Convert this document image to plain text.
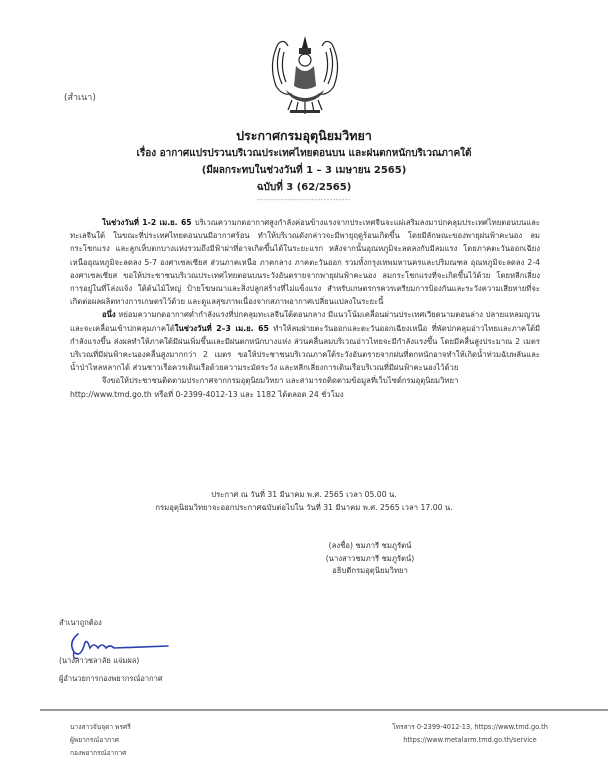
(สำเนา)
ประกาศกรมอุตุนิยมวิทยา
เรื่อง อากาศแปรปรวนบริเวณประเทศไทยตอนบน และฝนตกหนักบริเวณภาคใต้
(มีผลกระทบในช่วงวันที่ 1 – 3 เมษายน 2565)
ฉบับที่ 3 (62/2565)
-------------------------------

ในช่วงวันที่ 1-2 เม.ย. 65 บริเวณความกดอากาศสูงกำลังค่อนข้างแรงจากประเทศจีนจะแผ่เสริมลงมาปกคลุมประเทศไทยตอนบนและทะเลจีนใต้ ในขณะที่ประเทศไทยตอนบนมีอากาศร้อน ทำให้บริเวณดังกล่าวจะมีพายุฤดูร้อนเกิดขึ้น โดยมีลักษณะของพายุฝนฟ้าคะนอง ลมกระโชกแรง และลูกเห็บตกบางแห่งรวมถึงมีฟ้าผ่าที่อาจเกิดขึ้นได้ในระยะแรก หลังจากนั้นอุณหภูมิจะลดลงกับมีลมแรง โดยภาคตะวันออกเฉียงเหนืออุณหภูมิจะลดลง 5-7 องศาเซลเซียส ส่วนภาคเหนือ ภาคกลาง ภาคตะวันออก รวมทั้งกรุงเทพมหานครและปริมณฑล อุณหภูมิจะลดลง 2-4 องศาเซลเซียส ขอให้ประชาชนบริเวณประเทศไทยตอนบนระวังอันตรายจากพายุฝนฟ้าคะนอง ลมกระโชกแรงที่จะเกิดขึ้นไว้ด้วย โดยหลีกเลี่ยงการอยู่ในที่โล่งแจ้ง ใต้ต้นไม้ใหญ่ ป้ายโฆษณาและสิ่งปลูกสร้างที่ไม่แข็งแรง สำหรับเกษตรกรควรเตรียมการป้องกันและระวังความเสียหายที่จะเกิดต่อผลผลิตทางการเกษตรไว้ด้วย และดูแลสุขภาพเนื่องจากสภาพอากาศเปลี่ยนแปลงในระยะนี้

อนึ่ง หย่อมความกดอากาศต่ำกำลังแรงที่ปกคลุมทะเลจีนใต้ตอนกลาง มีแนวโน้มเคลื่อนผ่านประเทศเวียดนามตอนล่าง ปลายแหลมญวน และจะเคลื่อนเข้าปกคลุมภาคใต้ในช่วงวันที่ 2–3 เม.ย. 65 ทำให้ลมฝ่ายตะวันออกและตะวันออกเฉียงเหนือ ที่พัดปกคลุมอ่าวไทยและภาคใต้มีกำลังแรงขึ้น ส่งผลทำให้ภาคใต้มีฝนเพิ่มขึ้นและมีฝนตกหนักบางแห่ง ส่วนคลื่นลมบริเวณอ่าวไทยจะมีกำลังแรงขึ้น โดยมีคลื่นสูงประมาณ 2 เมตร บริเวณที่มีฝนฟ้าคะนองคลื่นสูงมากกว่า 2 เมตร ขอให้ประชาชนบริเวณภาคใต้ระวังอันตรายจากฝนที่ตกหนักอาจทำให้เกิดน้ำท่วมฉับพลันและน้ำป่าไหลหลากได้ ส่วนชาวเรือควรเดินเรือด้วยความระมัดระวัง และหลีกเลี่ยงการเดินเรือบริเวณที่มีฝนฟ้าคะนองไว้ด้วย

จึงขอให้ประชาชนติดตามประกาศจากกรมอุตุนิยมวิทยา และสามารถติดตามข้อมูลที่เว็บไซต์กรมอุตุนิยมวิทยา

http://www.tmd.go.th หรือที่ 0-2399-4012-13 และ 1182 ได้ตลอด 24 ชั่วโมง

ประกาศ ณ วันที่ 31 มีนาคม พ.ศ. 2565 เวลา 05.00 น.
กรมอุตุนิยมวิทยาจะออกประกาศฉบับต่อไปใน วันที่ 31 มีนาคม พ.ศ. 2565 เวลา 17.00 น.
(ลงชื่อ) ชมภารี ชมภูรัตน์
(นางสาวชมภารี ชมภูรัตน์)
อธิบดีกรมอุตุนิยมวิทยา
สำเนาถูกต้อง
(นางสาวชลาลัย แจ่มผล)
ผู้อำนวยการกองพยากรณ์อากาศ
นางสาวจันจุดา พรศรี
ผู้พยากรณ์อากาศ
กองพยากรณ์อากาศ
โทรสาร 0-2399-4012-13, https://www.tmd.go.th
https://www.metalarm.tmd.go.th/service
